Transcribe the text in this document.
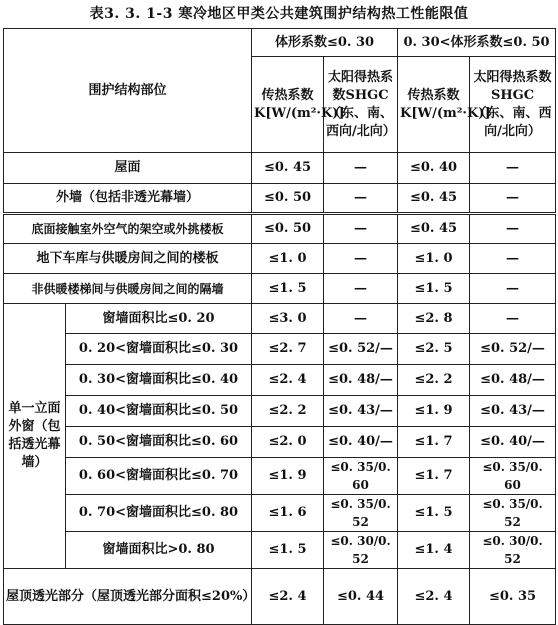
表3. 3. 1-3 寒冷地区甲类公共建筑围护结构热工性能限值
围护结构部位		体形系数≤0. 30		0. 30<体形系数≤0. 50	
		传热系数K[W/(m²·K)]	太阳得热系数SHGC（东、南、西向/北向）	传热系数K[W/(m²·K)]	太阳得热系数SHGC（东、南、西向/北向）
屋面		≤0. 45	—	≤0. 40	—
外墙（包括非透光幕墙）		≤0. 50	—	≤0. 45	—
底面接触室外空气的架空或外挑楼板		≤0. 50	—	≤0. 45	—
地下车库与供暖房间之间的楼板		≤1. 0	—	≤1. 0	—
非供暖楼梯间与供暖房间之间的隔墙		≤1. 5	—	≤1. 5	—
单一立面外窗（包括透光幕墙）	窗墙面积比≤0. 20	≤3. 0	—	≤2. 8	—
	0. 20<窗墙面积比≤0. 30	≤2. 7	≤0. 52/—	≤2. 5	≤0. 52/—
	0. 30<窗墙面积比≤0. 40	≤2. 4	≤0. 48/—	≤2. 2	≤0. 48/—
	0. 40<窗墙面积比≤0. 50	≤2. 2	≤0. 43/—	≤1. 9	≤0. 43/—
	0. 50<窗墙面积比≤0. 60	≤2. 0	≤0. 40/—	≤1. 7	≤0. 40/—
	0. 60<窗墙面积比≤0. 70	≤1. 9	≤0. 35/0. 60	≤1. 7	≤0. 35/0. 60
	0. 70<窗墙面积比≤0. 80	≤1. 6	≤0. 35/0. 52	≤1. 5	≤0. 35/0. 52
	窗墙面积比>0. 80	≤1. 5	≤0. 30/0. 52	≤1. 4	≤0. 30/0. 52
屋顶透光部分（屋顶透光部分面积≤20%）		≤2. 4	≤0. 44	≤2. 4	≤0. 35
